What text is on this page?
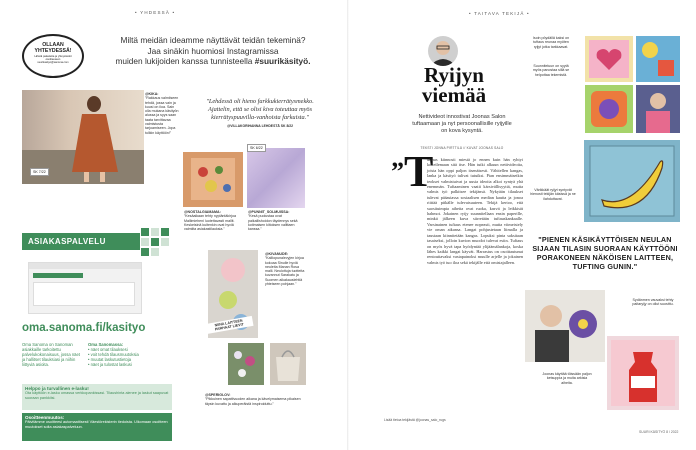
• YHDESSÄ •
OLLAAN YHTEYDESSÄ!
Lähetä palautetta ja yhteystiedot osoitteeseen suurikasityo@sanoma.com
Miltä meidän ideamme näyttävät teidän tekeminä?
Jaa sinäkin huomiosi Instagramissa
muiden lukijoiden kanssa tunnisteella #suurikäsityö.
SK 7/22
@KIKA:
"Rakkaus valmiiseen tehdä, jossa vain ja kuusi on iloa. Sain olla mukana käsityön alussa ja syys saan taata tarvittavaa valmistusta tarjoamiseen. Jopa tulikin käyttöön!"
"Lehdessä oli hieno farkkukierrätysmekko. Ajattelin, että se olisi kiva toteuttaa myös kierrätyspuuvilla-vanhoista farkuista."
@VILLAKORIHANNA LEHDESTÄ SK 8/22
SK 6/22
@NOSTALGIAMAMA:
"Kesäaikaan tehty nypläntäkirjoa Mallimieheni luotettavasti mallit. Keskeisinä kuitenkin ovat hyviä valmiita asiakastilauksia."
@PUNNIT_SOLMUISSA:
"Kesä puolustaa ovat paikallishoidon täydennys sekä kotimaisen kiitoksen valittaen kanssa."
NIINA LAITTEEN PARHAAT LIEVIT
@KIVANUDE:
"Kalliopunalevyjen kirjoa kokoaa Sinulle hyviä neuleita Manan Rosa malli. Neulottuja tuotteita kuvannut Sarakatu ja Suomen aikakauslehtiä yhteiseen pohjaan."
@SPERIGLOV:
"Pikkuinen sapattivuoden aikana ja kävelymaisema pikaisen täysin kuvattu ja alkuperäistä inspiroiduttu."
ASIAKASPALVELU
oma.sanoma.fi/kasityo
Oma Sanoma on Sanoman asiakkaille tarkoitettu palvelukokonaisuus, jossa näet ja hallitset tilauksiasi ja niihin liittyviä asioita.
Oma Sanomassa:
• näet omat tilauksesi
• voit tehdä tilausmuutoksia
• muutat laskutustietoja
• näet ja tulostat laskusi
Helppo ja turvallinen e-lasku!
Ota käyttöön e-lasku omassa verkkopankissasi. Tilaushinta alenee ja laskut saapuvat suoraan pankkiisi.
Osoitteenmuutos:
Päivitämme osoitteesi automaattisesti Väestörekisterin tiedoista. Ulkomaan osoitteen muutokset soita asiakaspalveluun.
• TAITAVA TEKIJÄ •
Ryijyn
viemää
Nettivideot innostivat Joonas Salon tuftaamaan ja nyt persoonallisille ryijyille on kova kysyntä.
TEKSTI JONNA PIRTTILÄ // KUVAT JOONAS SALO
”T
uftaus kiinnosti miestä jo ennen kuin hän ryhtyi kokeilemaan sitä itse. Hän tutki alkuun nettivideoita, joista hän oppi paljon itsenäisesti. Vähitellen kangas, lanka ja käsityö tulivat tutuiksi. Pian ensimmäisetkin teokset valmistuivat ja uusia ideoita alkoi syntyä yhä enemmän. Tuftaaminen vaatii kärsivällisyyttä, mutta valmis työ palkitsee tekijänsä. Nykyään tilaukset tulevat pääasiassa sosiaalisen median kautta ja jonoa riittää pitkälle tulevaisuuteen. Tekijä kertoo, että suosituimpia aiheita ovat ruoka, kasvit ja leikkisät hahmot. Jokainen ryijy suunnitellaan ensin paperille, minkä jälkeen kuva siirretään tuftauskankaalle. Varsinainen tuftaus etenee nopeasti, mutta viimeistely vie oman aikansa. Langat pohjustetaan liimalla ja taustaan kiinnitetään kangas. Lopuksi pinta saksitaan tasaiseksi, jolloin kuvion muodot tulevat esiin. Tuftaus on myös hyvä tapa hyödyntää ylijäämälankoja, koska lähes kaikki langat käyvät. Harrastus on osoittautunut rentouttavaksi vastapainoksi muulle arjelle ja jokainen valmis työ tuo iloa sekä tekijälle että omistajalleen.
Lisää tietoa tekijästä @joonas_salo_rugs
Isoin pöydällä kaksi on tuftaus reunaa myöten ryijyt jotka tarkkaavat.
Suunniteluun on syytä myös panostaa sillä se helpottaa tekemistä.
Värikkäät ryijyt syntyvät hienosti tekijän käsissä ja ne ilahduttavat.
"PIENEN KÄSIKÄYTTÖISEN NEULAN SIJAAN TILASIN SUORAAN KÄYTTÖÖNI PORAKONEEN NÄKÖISEN LAITTEEN, TUFTING GUNIN."
Sydänmen vauvaksi tehty paitaryijy on ollut suosittu.
Joonas käyttää töissään paljon ketsuppia ja muita arkisia aiheita.
SUURI KÄSITYÖ 8 / 2022
